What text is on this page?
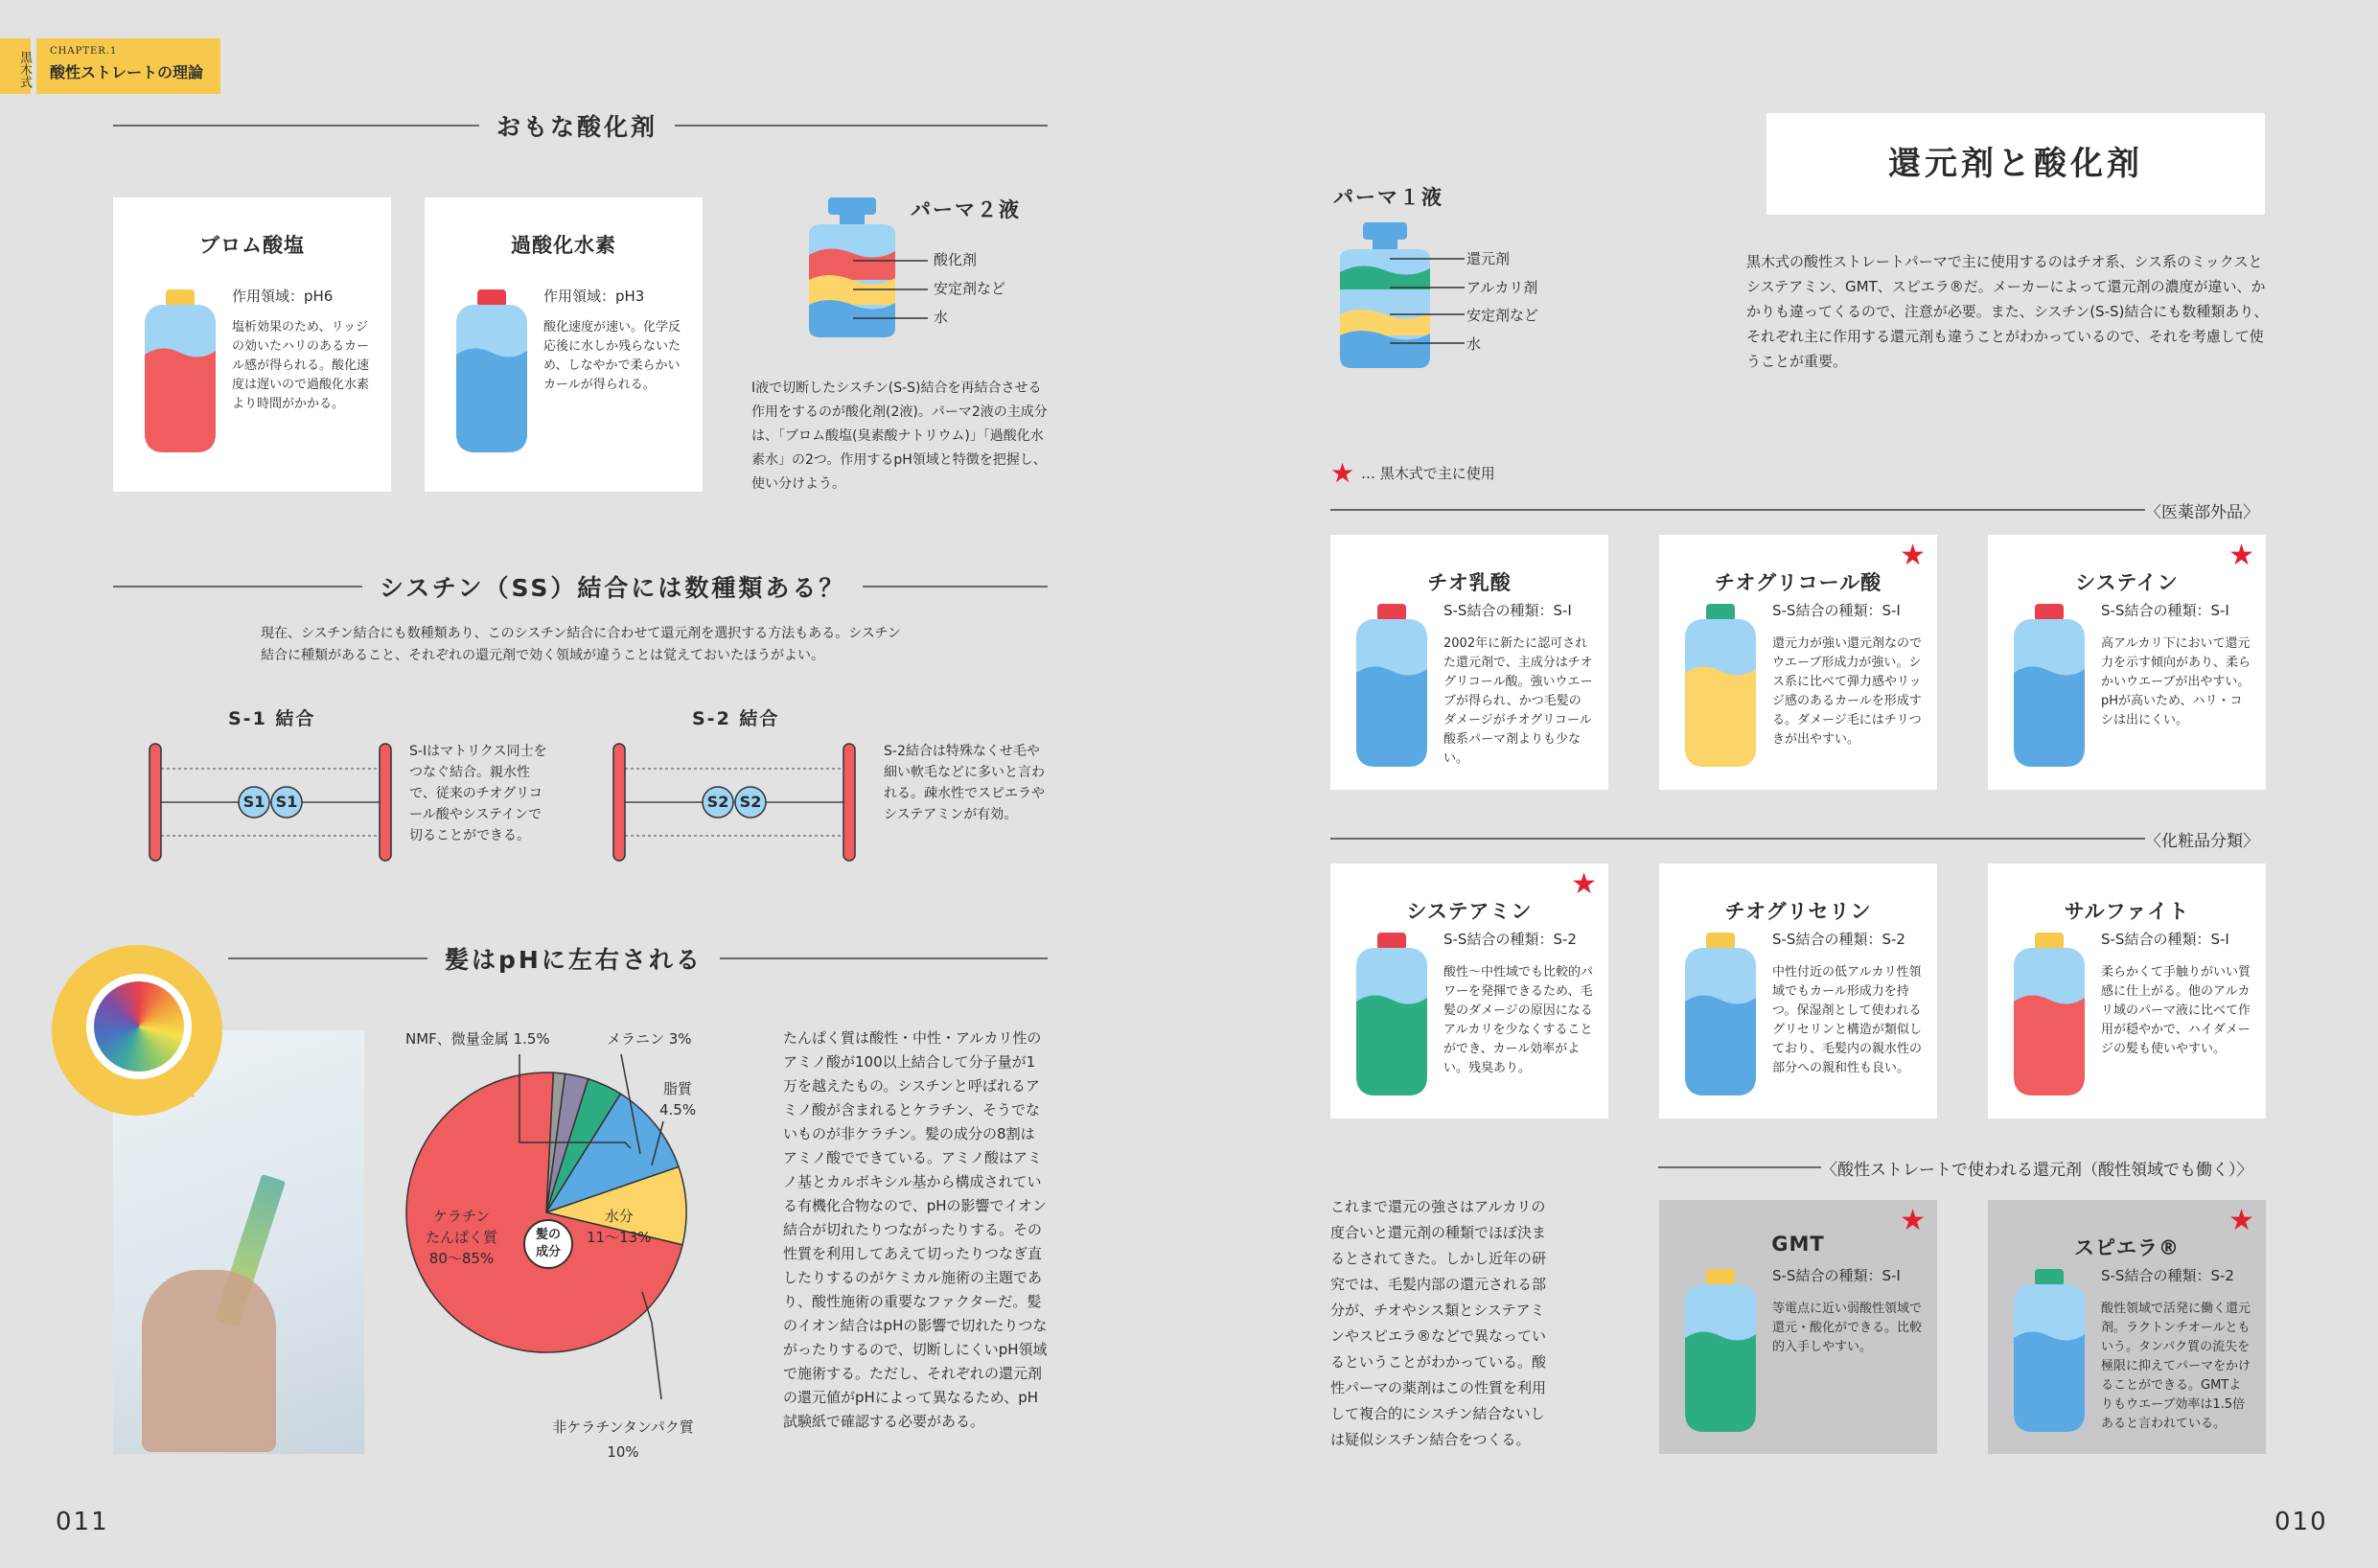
黒木式 CHAPTER.1
酸性ストレートの理論
おもな酸化剤
ブロム酸塩
作用領域：pH6
塩析効果のため、リッジの効いたハリのあるカール感が得られる。酸化速度は遅いので過酸化水素より時間がかかる。
過酸化水素
作用領域：pH3
酸化速度が速い。化学反応後に水しか残らないため、しなやかで柔らかいカールが得られる。
パーマ２液
酸化剤
安定剤など
水
Ⅰ液で切断したシスチン(S-S)結合を再結合させる作用をするのが酸化剤(2液)。パーマ2液の主成分は、「ブロム酸塩(臭素酸ナトリウム)」「過酸化水素水」の2つ。作用するpH領域と特徴を把握し、使い分けよう。
シスチン（SS）結合には数種類ある？
現在、シスチン結合にも数種類あり、このシスチン結合に合わせて還元剤を選択する方法もある。シスチン結合に種類があること、それぞれの還元剤で効く領域が違うことは覚えておいたほうがよい。
S-1 結合
S1 S1
S-Iはマトリクス同士をつなぐ結合。親水性で、従来のチオグリコール酸やシステインで切ることができる。
S-2 結合
S2 S2
S-2結合は特殊なくせ毛や細い軟毛などに多いと言われる。疎水性でスピエラやシステアミンが有効。
髪はpHに左右される
髪の
成分
NMF、微量金属 1.5%	メラニン 3%
脂質
4.5%
水分
11～13%
ケラチン
たんぱく質
80～85%
非ケラチンタンパク質
10%
たんぱく質は酸性・中性・アルカリ性のアミノ酸が100以上結合して分子量が1万を越えたもの。シスチンと呼ばれるアミノ酸が含まれるとケラチン、そうでないものが非ケラチン。髪の成分の8割はアミノ酸でできている。アミノ酸はアミノ基とカルボキシル基から構成されている有機化合物なので、pHの影響でイオン結合が切れたりつながったりする。その性質を利用してあえて切ったりつなぎ直したりするのがケミカル施術の主題であり、酸性施術の重要なファクターだ。髪のイオン結合はpHの影響で切れたりつながったりするので、切断しにくいpH領域で施術する。ただし、それぞれの還元剤の還元値がpHによって異なるため、pH試験紙で確認する必要がある。
011
還元剤と酸化剤
黒木式の酸性ストレートパーマで主に使用するのはチオ系、シス系のミックスとシステアミン、GMT、スピエラ®だ。メーカーによって還元剤の濃度が違い、かかりも違ってくるので、注意が必要。また、シスチン(S-S)結合にも数種類あり、それぞれ主に作用する還元剤も違うことがわかっているので、それを考慮して使うことが重要。
パーマ１液
還元剤
アルカリ剤
安定剤など
水
★ … 黒木式で主に使用
〈医薬部外品〉
〈化粧品分類〉
〈酸性ストレートで使われる還元剤（酸性領域でも働く）〉
チオ乳酸
S-S結合の種類：S-I
2002年に新たに認可された還元剤で、主成分はチオグリコール酸。強いウエーブが得られ、かつ毛髪のダメージがチオグリコール酸系パーマ剤よりも少ない。
チオグリコール酸
★
S-S結合の種類：S-I
還元力が強い還元剤なのでウエーブ形成力が強い。シス系に比べて弾力感やリッジ感のあるカールを形成する。ダメージ毛にはチリつきが出やすい。
システイン
★
S-S結合の種類：S-I
高アルカリ下において還元力を示す傾向があり、柔らかいウエーブが出やすい。pHが高いため、ハリ・コシは出にくい。
システアミン
★
S-S結合の種類：S-2
酸性～中性域でも比較的パワーを発揮できるため、毛髪のダメージの原因になるアルカリを少なくすることができ、カール効率がよい。残臭あり。
チオグリセリン
S-S結合の種類：S-2
中性付近の低アルカリ性領域でもカール形成力を持つ。保湿剤として使われるグリセリンと構造が類似しており、毛髪内の親水性の部分への親和性も良い。
サルファイト
S-S結合の種類：S-I
柔らかくて手触りがいい質感に仕上がる。他のアルカリ域のパーマ液に比べて作用が穏やかで、ハイダメージの髪も使いやすい。
GMT
★
S-S結合の種類：S-I
等電点に近い弱酸性領域で還元・酸化ができる。比較的入手しやすい。
スピエラ®
★
S-S結合の種類：S-2
酸性領域で活発に働く還元剤。ラクトンチオールともいう。タンパク質の流失を極限に抑えてパーマをかけることができる。GMTよりもウエーブ効率は1.5倍あると言われている。
これまで還元の強さはアルカリの度合いと還元剤の種類でほぼ決まるとされてきた。しかし近年の研究では、毛髪内部の還元される部分が、チオやシス類とシステアミンやスピエラ®などで異なっているということがわかっている。酸性パーマの薬剤はこの性質を利用して複合的にシスチン結合ないしは疑似シスチン結合をつくる。
010
